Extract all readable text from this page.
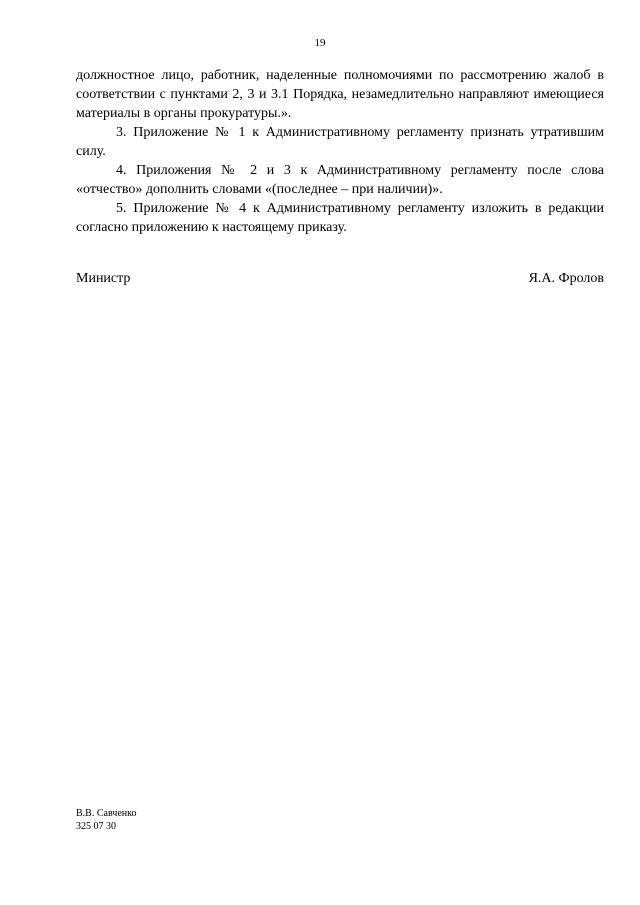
19

должностное лицо, работник, наделенные полномочиями по рассмотрению жалоб в соответствии с пунктами 2, 3 и 3.1 Порядка, незамедлительно направляют имеющиеся материалы в органы прокуратуры.».

3. Приложение № 1 к Административному регламенту признать утратившим силу.

4. Приложения № 2 и 3 к Административному регламенту после слова «отчество» дополнить словами «(последнее – при наличии)».

5. Приложение № 4 к Административному регламенту изложить в редакции согласно приложению к настоящему приказу.

Министр	Я.А. Фролов
В.В. Савченко
325 07 30
